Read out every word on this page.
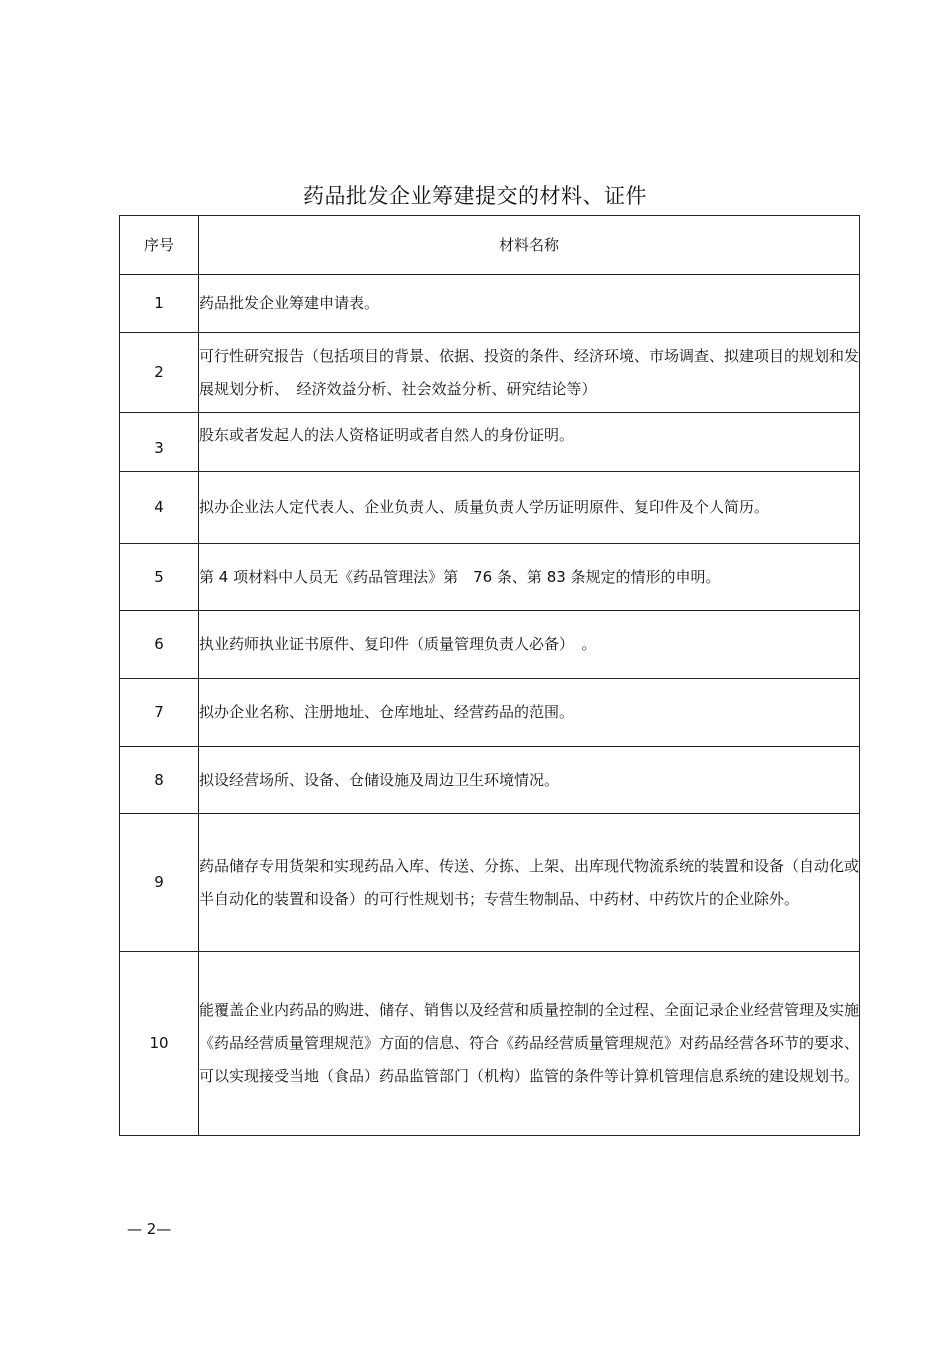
药品批发企业筹建提交的材料、证件
序号	材料名称
1	药品批发企业筹建申请表。
2	可行性研究报告（包括项目的背景、依据、投资的条件、经济环境、市场调查、拟建项目的规划和发展规划分析、　经济效益分析、社会效益分析、研究结论等）
3	股东或者发起人的法人资格证明或者自然人的身份证明。
4	拟办企业法人定代表人、企业负责人、质量负责人学历证明原件、复印件及个人简历。
5	第 4 项材料中人员无《药品管理法》第　76 条、第 83 条规定的情形的申明。
6	执业药师执业证书原件、复印件（质量管理负责人必备）　。
7	拟办企业名称、注册地址、仓库地址、经营药品的范围。
8	拟设经营场所、设备、仓储设施及周边卫生环境情况。
9	药品储存专用货架和实现药品入库、传送、分拣、上架、出库现代物流系统的装置和设备（自动化或半自动化的装置和设备）的可行性规划书；专营生物制品、中药材、中药饮片的企业除外。
10	能覆盖企业内药品的购进、储存、销售以及经营和质量控制的全过程、全面记录企业经营管理及实施《药品经营质量管理规范》方面的信息、符合《药品经营质量管理规范》对药品经营各环节的要求、可以实现接受当地（食品）药品监管部门（机构）监管的条件等计算机管理信息系统的建设规划书。
— 2—
